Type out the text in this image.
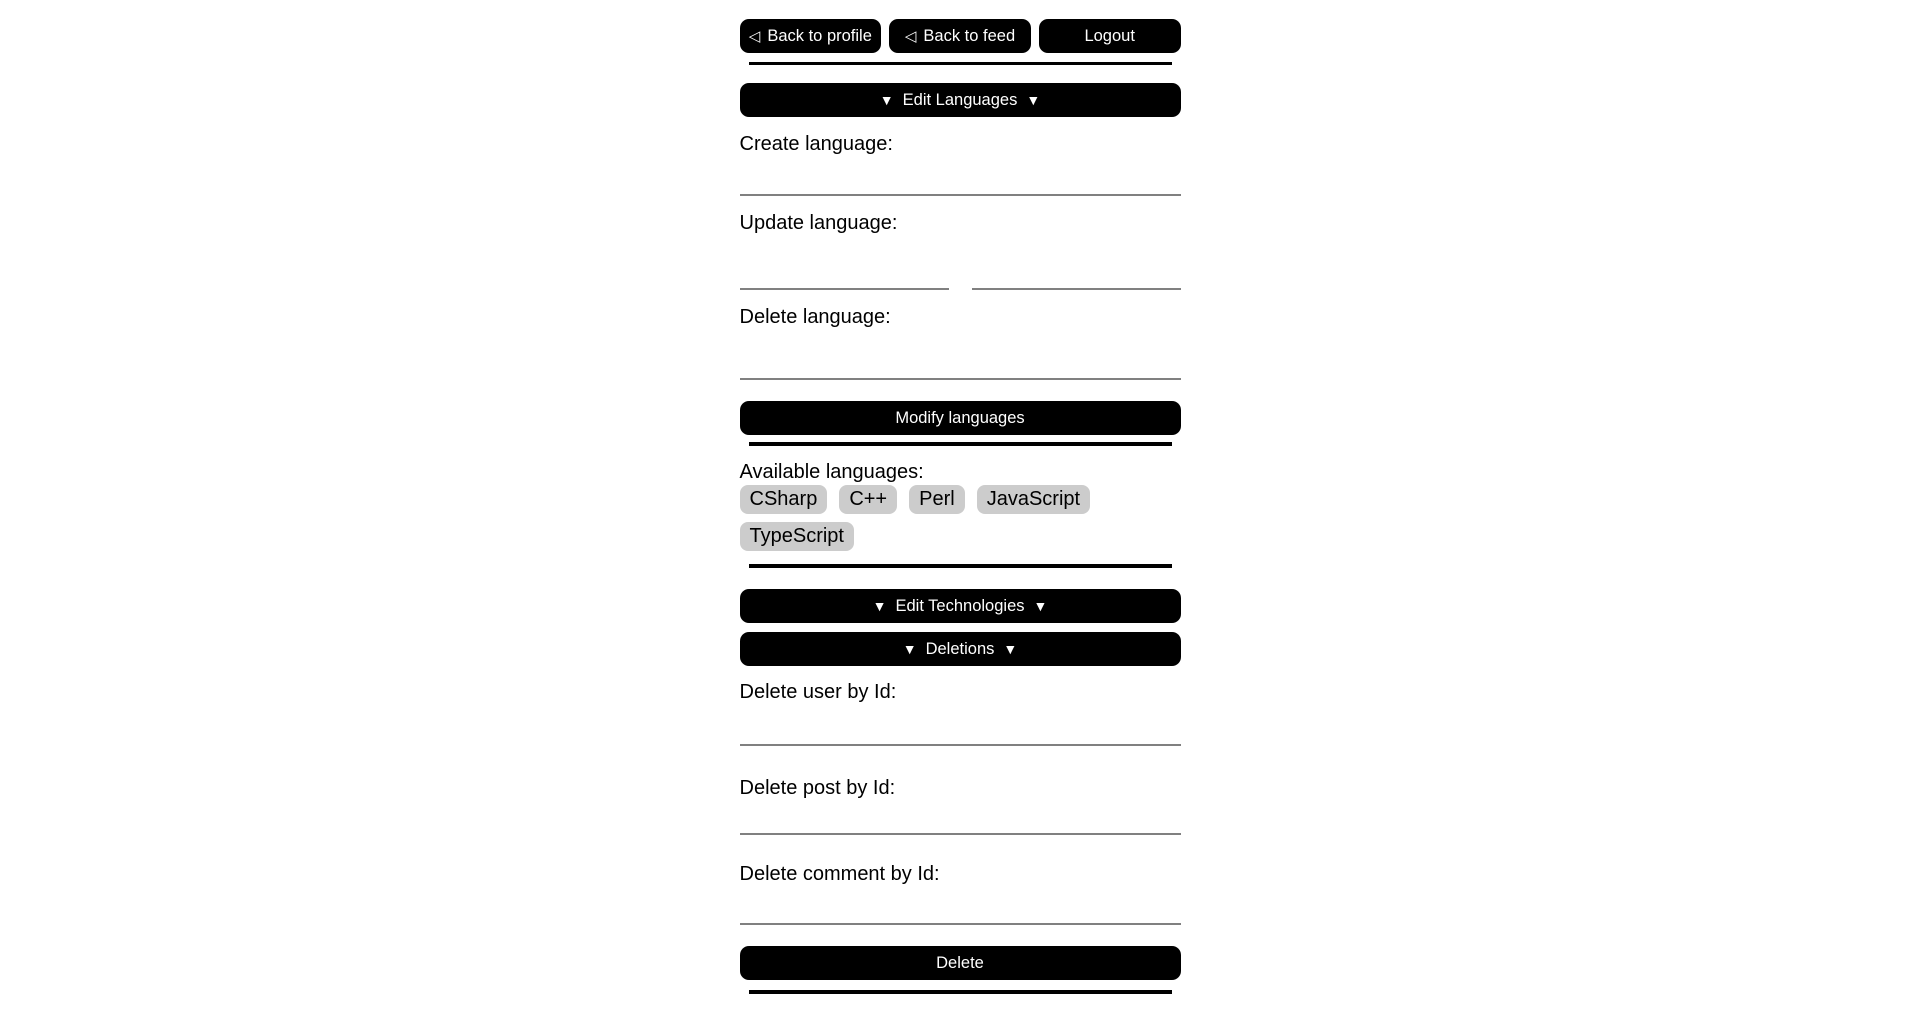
◁ Back to profile ◁ Back to feed	Logout
▼ Edit Languages ▼
Create language:
Update language:
Delete language:
Modify languages
Available languages:
CSharp	C++	Perl	JavaScript
TypeScript
▼ Edit Technologies ▼
▼ Deletions ▼
Delete user by Id:
Delete post by Id:
Delete comment by Id:
Delete
